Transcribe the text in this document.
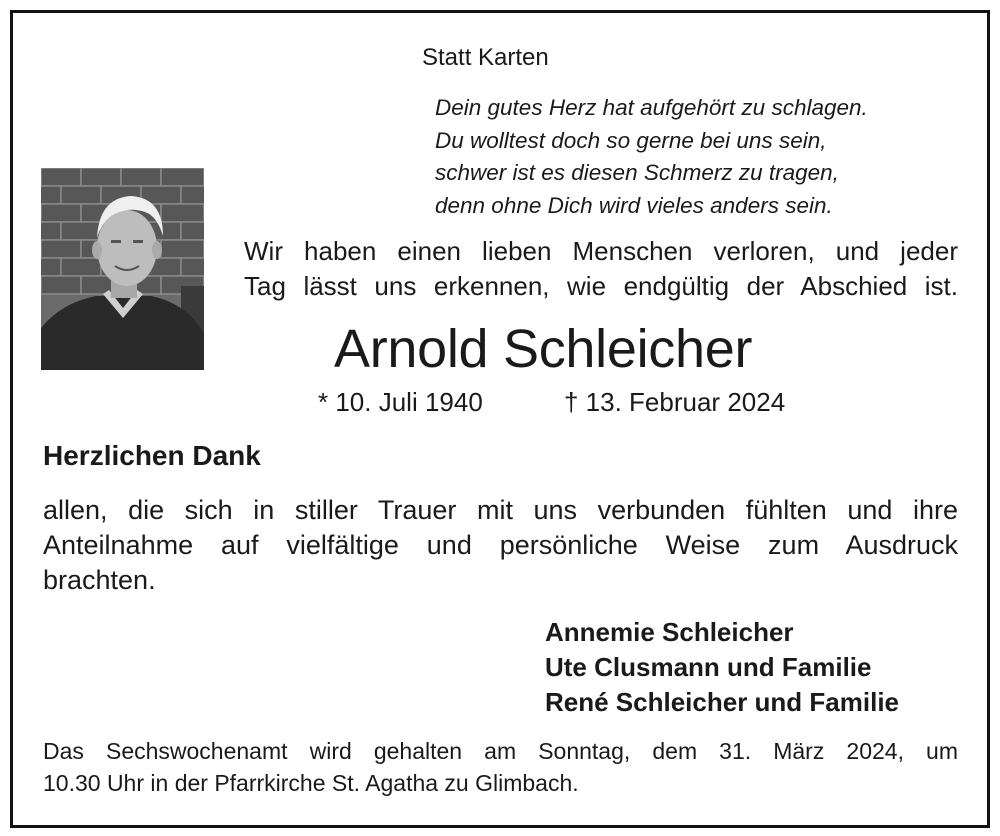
Statt Karten
Dein gutes Herz hat aufgehört zu schlagen.
Du wolltest doch so gerne bei uns sein,
schwer ist es diesen Schmerz zu tragen,
denn ohne Dich wird vieles anders sein.
Wir haben einen lieben Menschen verloren, und jeder
Tag lässt uns erkennen, wie endgültig der Abschied ist.
Arnold Schleicher
* 10. Juli 1940	† 13. Februar 2024
Herzlichen Dank
allen, die sich in stiller Trauer mit uns verbunden fühlten und ihre
Anteilnahme auf vielfältige und persönliche Weise zum Ausdruck
brachten.
Annemie Schleicher
Ute Clusmann und Familie
René Schleicher und Familie
Das Sechswochenamt wird gehalten am Sonntag, dem 31. März 2024, um
10.30 Uhr in der Pfarrkirche St. Agatha zu Glimbach.
